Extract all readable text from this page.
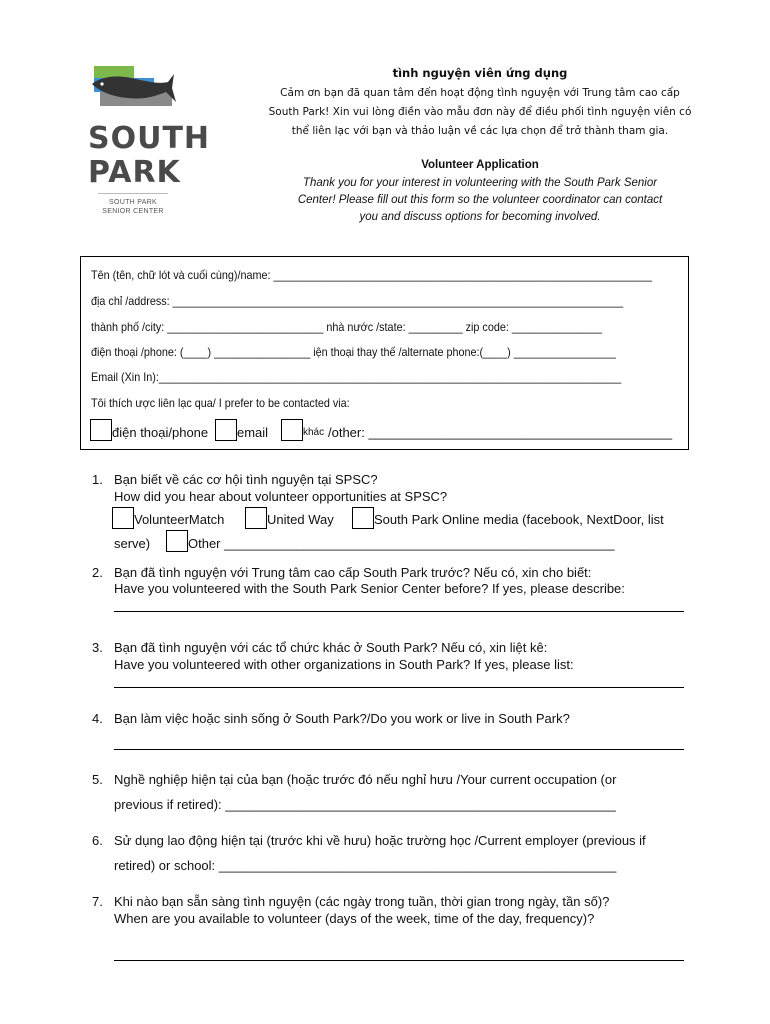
SOUTH
PARK
SOUTH PARK
SENIOR CENTER
tình nguyện viên ứng dụng
Cảm ơn bạn đã quan tâm đến hoạt động tình nguyện với Trung tâm cao cấp
South Park! Xin vui lòng điền vào mẫu đơn này để điều phối tình nguyện viên có
thể liên lạc với bạn và thảo luận về các lựa chọn để trở thành tham gia.
Volunteer Application
Thank you for your interest in volunteering with the South Park Senior
Center! Please fill out this form so the volunteer coordinator can contact
you and discuss options for becoming involved.
Tên (tên, chữ lót và cuối cùng)/name: _______________________________________________________________
địa chỉ /address: ___________________________________________________________________________
thành phố /city: __________________________ nhà nước /state: _________ zip code: _______________
điện thoại /phone: (____) ________________ iện thoại thay thế /alternate phone:(____) _________________
Email (Xin In):_____________________________________________________________________________
Tôi thích ược liên lạc qua/ I prefer to be contacted via:
điện thoại/phone email	khác /other: __________________________________________
1. Bạn biết về các cơ hội tình nguyện tại SPSC?
How did you hear about volunteer opportunities at SPSC?
VolunteerMatch	United Way	South Park Online media (facebook, NextDoor, list
serve)	Other ______________________________________________________
2. Bạn đã tình nguyện với Trung tâm cao cấp South Park trước? Nếu có, xin cho biết:
Have you volunteered with the South Park Senior Center before? If yes, please describe:
3. Bạn đã tình nguyện với các tổ chức khác ở South Park? Nếu có, xin liệt kê:
Have you volunteered with other organizations in South Park? If yes, please list:
4. Bạn làm việc hoặc sinh sống ở South Park?/Do you work or live in South Park?
5. Nghề nghiệp hiện tại của bạn (hoặc trước đó nếu nghỉ hưu /Your current occupation (or
previous if retired): ______________________________________________________
6. Sử dụng lao động hiện tại (trước khi về hưu) hoặc trường học /Current employer (previous if
retired) or school: _______________________________________________________
7. Khi nào bạn sẵn sàng tình nguyện (các ngày trong tuần, thời gian trong ngày, tần số)?
When are you available to volunteer (days of the week, time of the day, frequency)?
